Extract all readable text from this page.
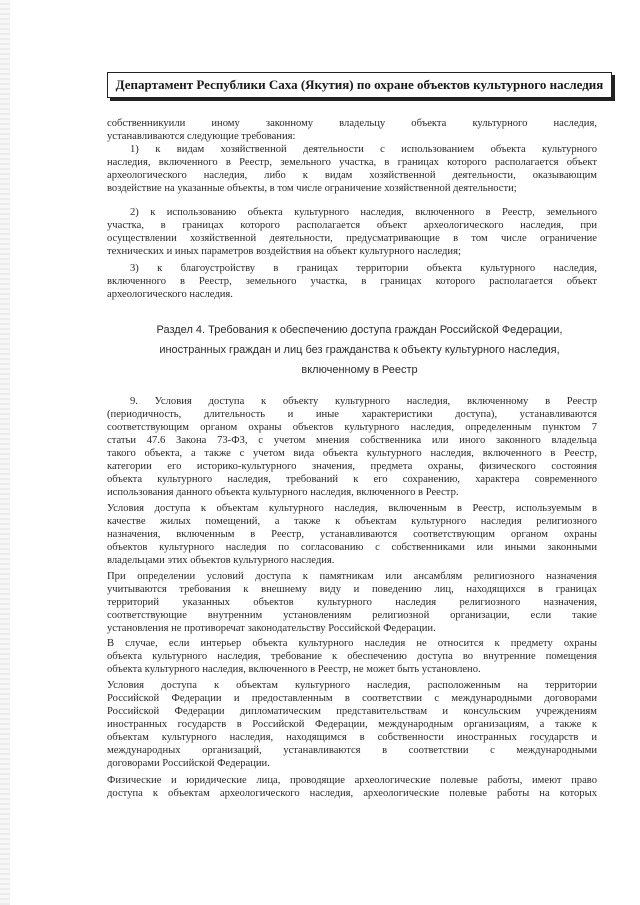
Департамент Республики Саха (Якутия) по охране объектов культурного наследия
собственникуили иному законному владельцу объекта культурного наследия,
устанавливаются следующие требования:
1) к видам хозяйственной деятельности с использованием объекта культурного
наследия, включенного в Реестр, земельного участка, в границах которого располагается объект
археологического наследия, либо к видам хозяйственной деятельности, оказывающим
воздействие на указанные объекты, в том числе ограничение хозяйственной деятельности;
2) к использованию объекта культурного наследия, включенного в Реестр, земельного
участка, в границах которого располагается объект археологического наследия, при
осуществлении хозяйственной деятельности, предусматривающие в том числе ограничение
технических и иных параметров воздействия на объект культурного наследия;
3) к благоустройству в границах территории объекта культурного наследия,
включенного в Реестр, земельного участка, в границах которого располагается объект
археологического наследия.
Раздел 4. Требования к обеспечению доступа граждан Российской Федерации,
иностранных граждан и лиц без гражданства к объекту культурного наследия,
включенному в Реестр
9. Условия доступа к объекту культурного наследия, включенному в Реестр
(периодичность, длительность и иные характеристики доступа), устанавливаются
соответствующим органом охраны объектов культурного наследия, определенным пунктом 7
статьи 47.6 Закона 73-ФЗ, с учетом мнения собственника или иного законного владельца
такого объекта, а также с учетом вида объекта культурного наследия, включенного в Реестр,
категории его историко-культурного значения, предмета охраны, физического состояния
объекта культурного наследия, требований к его сохранению, характера современного
использования данного объекта культурного наследия, включенного в Реестр.
Условия доступа к объектам культурного наследия, включенным в Реестр, используемым в
качестве жилых помещений, а также к объектам культурного наследия религиозного
назначения, включенным в Реестр, устанавливаются соответствующим органом охраны
объектов культурного наследия по согласованию с собственниками или иными законными
владельцами этих объектов культурного наследия.
При определении условий доступа к памятникам или ансамблям религиозного назначения
учитываются требования к внешнему виду и поведению лиц, находящихся в границах
территорий указанных объектов культурного наследия религиозного назначения,
соответствующие внутренним установлениям религиозной организации, если такие
установления не противоречат законодательству Российской Федерации.
В случае, если интерьер объекта культурного наследия не относится к предмету охраны
объекта культурного наследия, требование к обеспечению доступа во внутренние помещения
объекта культурного наследия, включенного в Реестр, не может быть установлено.
Условия доступа к объектам культурного наследия, расположенным на территории
Российской Федерации и предоставленным в соответствии с международными договорами
Российской Федерации дипломатическим представительствам и консульским учреждениям
иностранных государств в Российской Федерации, международным организациям, а также к
объектам культурного наследия, находящимся в собственности иностранных государств и
международных организаций, устанавливаются в соответствии с международными
договорами Российской Федерации.
Физические и юридические лица, проводящие археологические полевые работы, имеют право
доступа к объектам археологического наследия, археологические полевые работы на которых
